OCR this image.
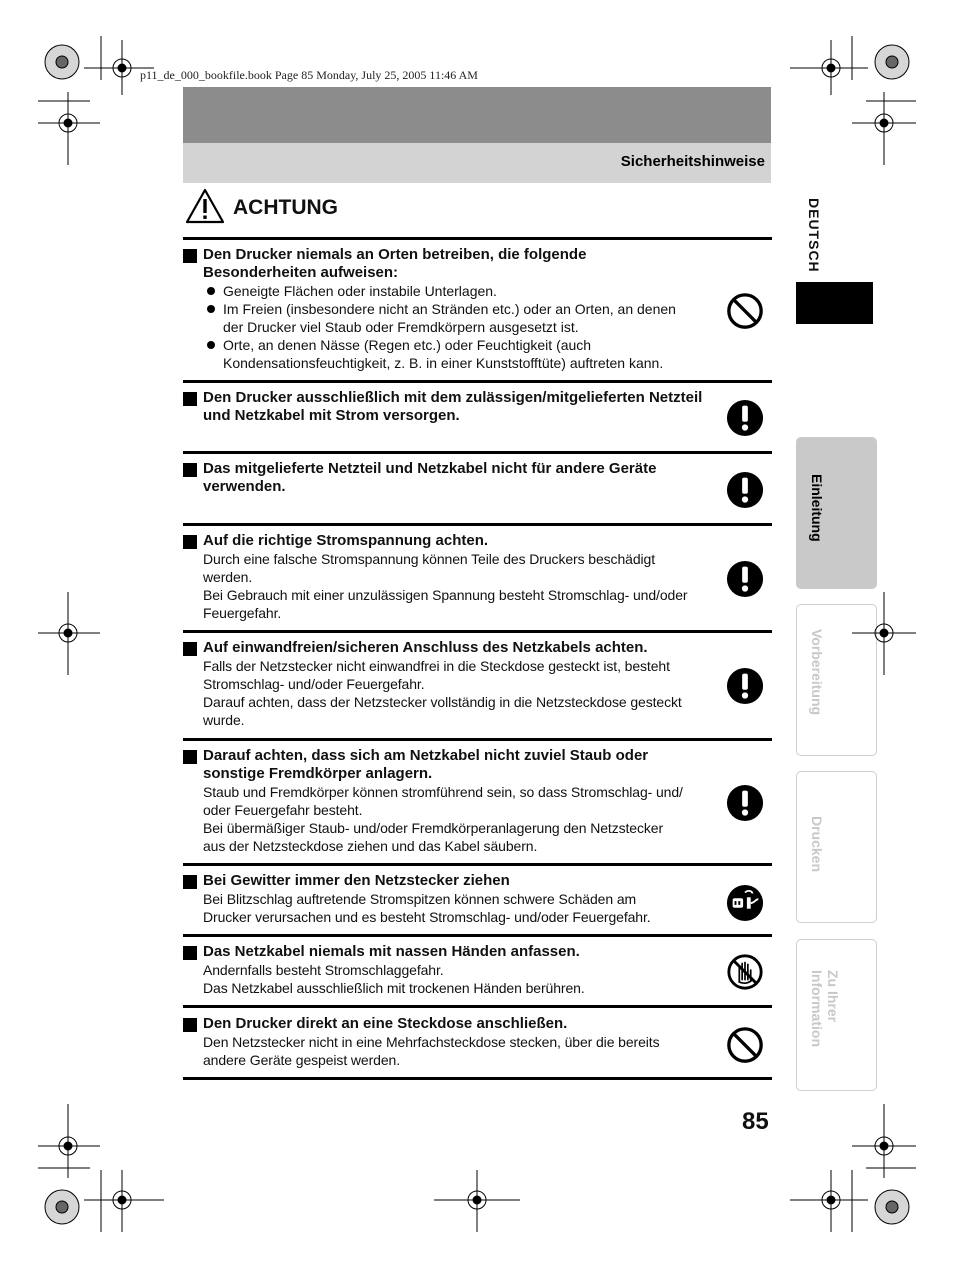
p11_de_000_bookfile.book Page 85 Monday, July 25, 2005 11:46 AM
Sicherheitshinweise
ACHTUNG
Den Drucker niemals an Orten betreiben, die folgende Besonderheiten aufweisen:
Geneigte Flächen oder instabile Unterlagen.
Im Freien (insbesondere nicht an Stränden etc.) oder an Orten, an denen der Drucker viel Staub oder Fremdkörpern ausgesetzt ist.
Orte, an denen Nässe (Regen etc.) oder Feuchtigkeit (auch Kondensationsfeuchtigkeit, z. B. in einer Kunststofftüte) auftreten kann.
Den Drucker ausschließlich mit dem zulässigen/mitgelieferten Netzteil und Netzkabel mit Strom versorgen.
Das mitgelieferte Netzteil und Netzkabel nicht für andere Geräte verwenden.
Auf die richtige Stromspannung achten.
Durch eine falsche Stromspannung können Teile des Druckers beschädigt werden.
Bei Gebrauch mit einer unzulässigen Spannung besteht Stromschlag- und/oder Feuergefahr.
Auf einwandfreien/sicheren Anschluss des Netzkabels achten.
Falls der Netzstecker nicht einwandfrei in die Steckdose gesteckt ist, besteht Stromschlag- und/oder Feuergefahr.
Darauf achten, dass der Netzstecker vollständig in die Netzsteckdose gesteckt wurde.
Darauf achten, dass sich am Netzkabel nicht zuviel Staub oder sonstige Fremdkörper anlagern.
Staub und Fremdkörper können stromführend sein, so dass Stromschlag- und/ oder Feuergefahr besteht.
Bei übermäßiger Staub- und/oder Fremdkörperanlagerung den Netzstecker aus der Netzsteckdose ziehen und das Kabel säubern.
Bei Gewitter immer den Netzstecker ziehen
Bei Blitzschlag auftretende Stromspitzen können schwere Schäden am Drucker verursachen und es besteht Stromschlag- und/oder Feuergefahr.
Das Netzkabel niemals mit nassen Händen anfassen.
Andernfalls besteht Stromschlaggefahr.
Das Netzkabel ausschließlich mit trockenen Händen berühren.
Den Drucker direkt an eine Steckdose anschließen.
Den Netzstecker nicht in eine Mehrfachsteckdose stecken, über die bereits andere Geräte gespeist werden.
DEUTSCH
Einleitung
Vorbereitung
Drucken
Zu Ihrer Information
85
